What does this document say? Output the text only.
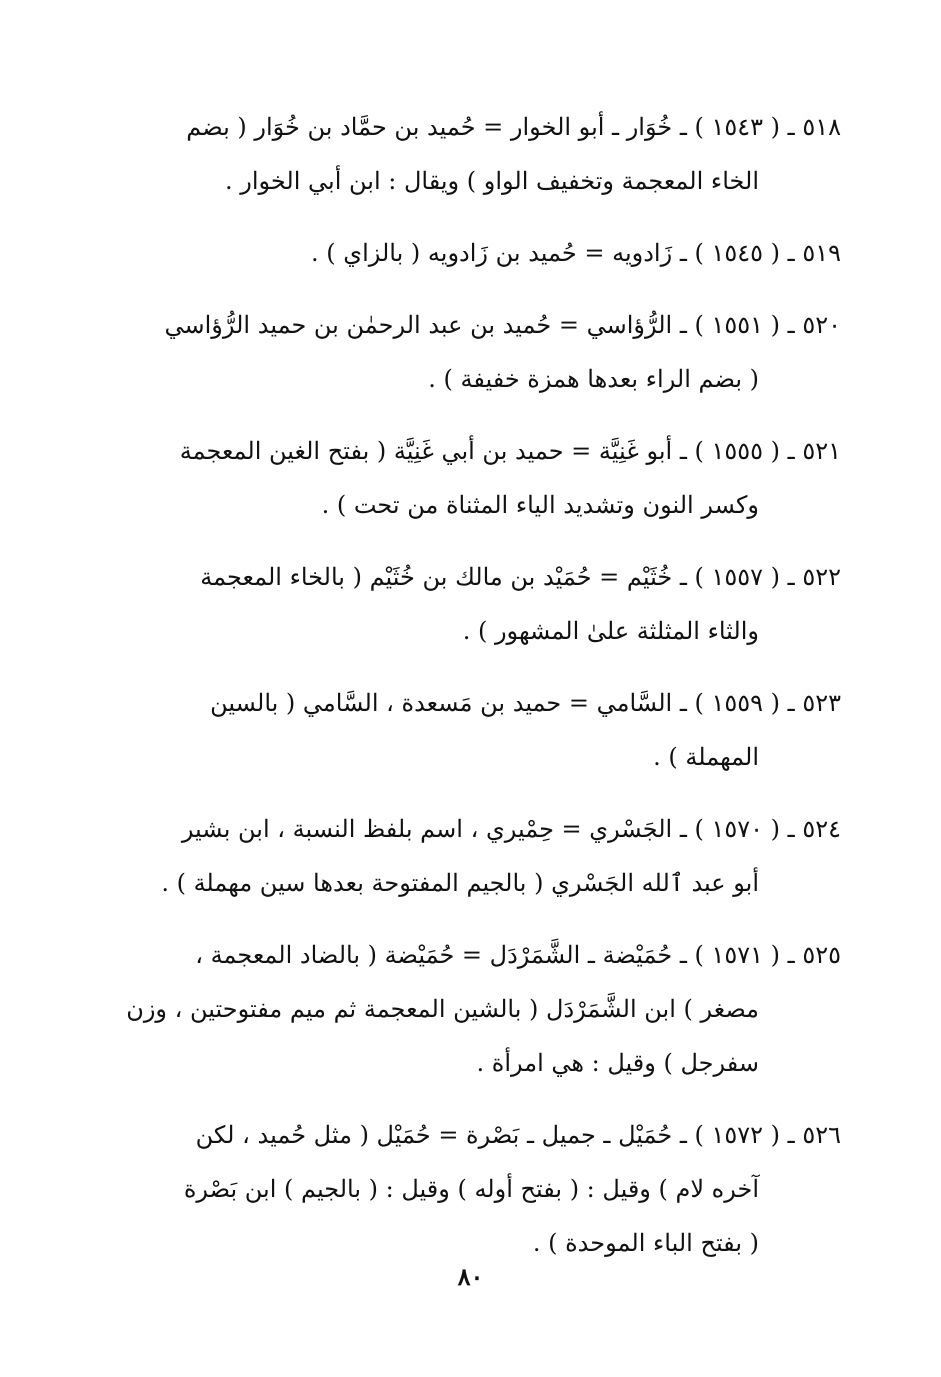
٥١٨ ـ ( ١٥٤٣ ) ـ خُوَار ـ أبو الخوار = حُميد بن حمَّاد بن خُوَار ( بضم
الخاء المعجمة وتخفيف الواو ) ويقال : ابن أبي الخوار .
٥١٩ ـ ( ١٥٤٥ ) ـ زَادويه = حُميد بن زَادويه ( بالزاي ) .
٥٢٠ ـ ( ١٥٥١ ) ـ الرُّؤاسي = حُميد بن عبد الرحمٰن بن حميد الرُّؤاسي
( بضم الراء بعدها همزة خفيفة ) .
٥٢١ ـ ( ١٥٥٥ ) ـ أبو غَنِيَّة = حميد بن أبي غَنِيَّة ( بفتح الغين المعجمة
وكسر النون وتشديد الياء المثناة من تحت ) .
٥٢٢ ـ ( ١٥٥٧ ) ـ خُثَيْم = حُمَيْد بن مالك بن خُثَيْم ( بالخاء المعجمة
والثاء المثلثة علىٰ المشهور ) .
٥٢٣ ـ ( ١٥٥٩ ) ـ السَّامي = حميد بن مَسعدة ، السَّامي ( بالسين
المهملة ) .
٥٢٤ ـ ( ١٥٧٠ ) ـ الجَسْري = حِمْيري ، اسم بلفظ النسبة ، ابن بشير
أبو عبد ٱلله الجَسْري ( بالجيم المفتوحة بعدها سين مهملة ) .
٥٢٥ ـ ( ١٥٧١ ) ـ حُمَيْضة ـ الشَّمَرْدَل = حُمَيْضة ( بالضاد المعجمة ،
مصغر ) ابن الشَّمَرْدَل ( بالشين المعجمة ثم ميم مفتوحتين ، وزن
سفرجل ) وقيل : هي امرأة .
٥٢٦ ـ ( ١٥٧٢ ) ـ حُمَيْل ـ جميل ـ بَصْرة = حُمَيْل ( مثل حُميد ، لكن
آخره لام ) وقيل : ( بفتح أوله ) وقيل : ( بالجيم ) ابن بَصْرة
( بفتح الباء الموحدة ) .
٨٠
